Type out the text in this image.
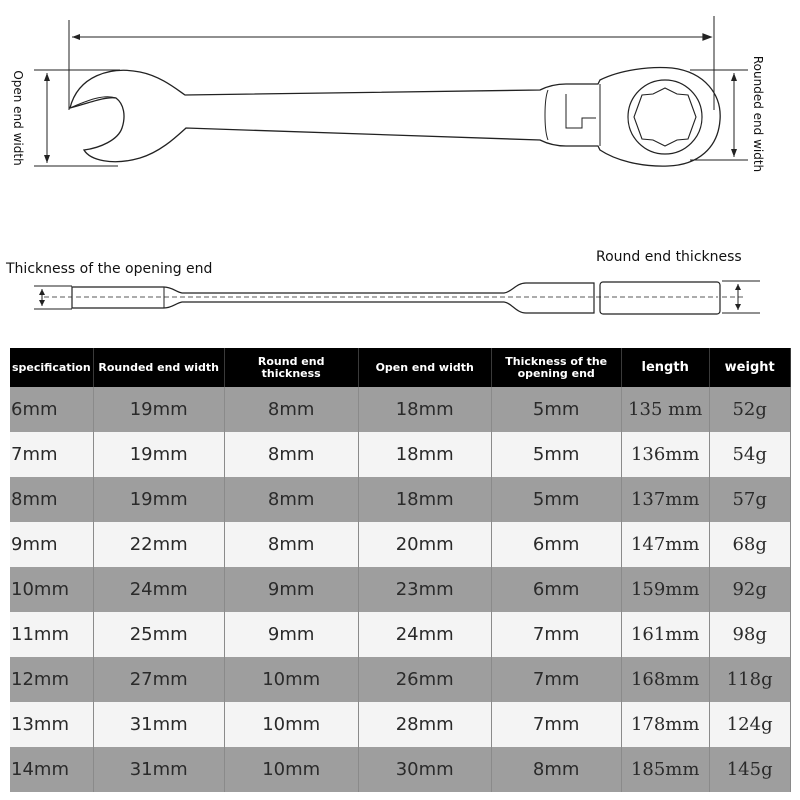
Open end width	Rounded end width
Thickness of the opening end
Round end thickness
specification	Rounded end width	Round end thickness	Open end width	Thickness of the opening end	length	weight
6mm	19mm	8mm	18mm	5mm	135 mm	52g
7mm	19mm	8mm	18mm	5mm	136mm	54g
8mm	19mm	8mm	18mm	5mm	137mm	57g
9mm	22mm	8mm	20mm	6mm	147mm	68g
10mm	24mm	9mm	23mm	6mm	159mm	92g
11mm	25mm	9mm	24mm	7mm	161mm	98g
12mm	27mm	10mm	26mm	7mm	168mm	118g
13mm	31mm	10mm	28mm	7mm	178mm	124g
14mm	31mm	10mm	30mm	8mm	185mm	145g
